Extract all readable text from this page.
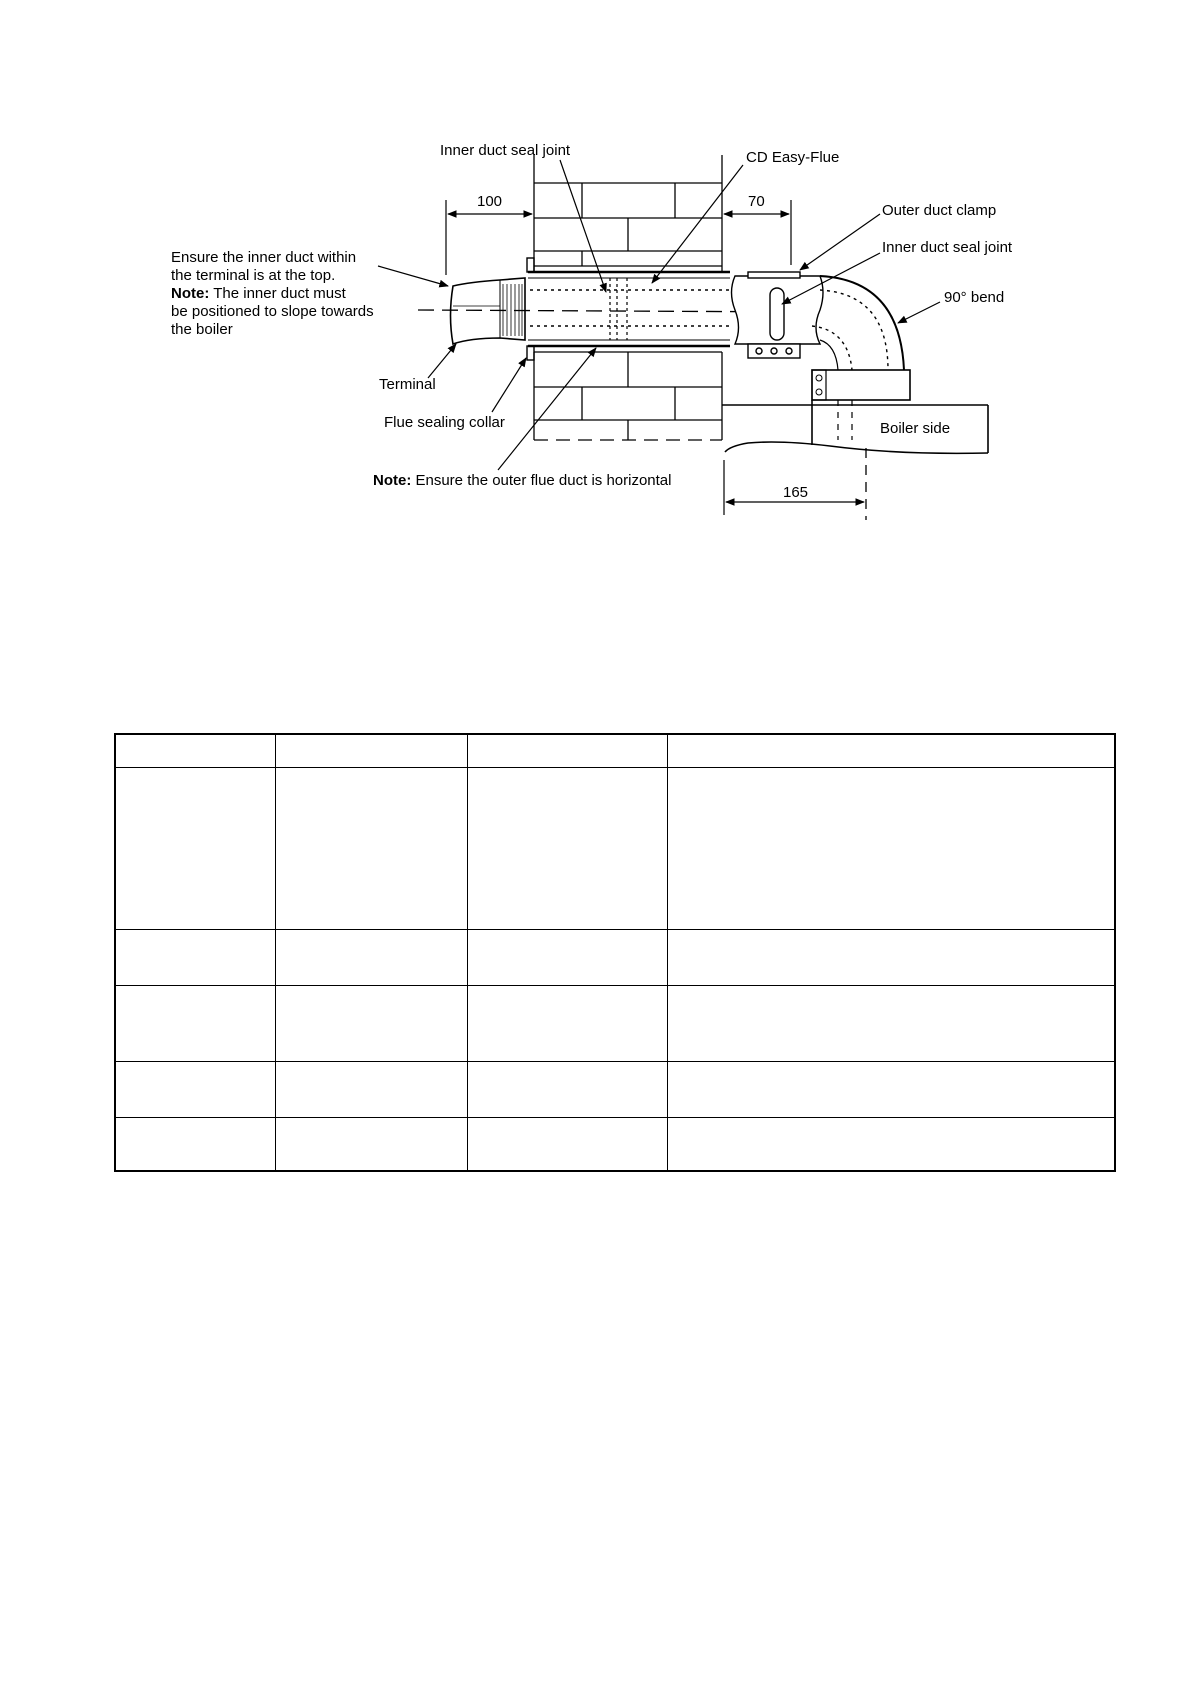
Inner duct seal joint	CD Easy-Flue
Outer duct clamp
Inner duct seal joint
90° bend
Boiler side
Terminal
Flue sealing collar
Ensure the inner duct within
the terminal is at the top.
Note: The inner duct must
be positioned to slope towards
the boiler
Note: Ensure the outer flue duct is horizontal
100	70
165
